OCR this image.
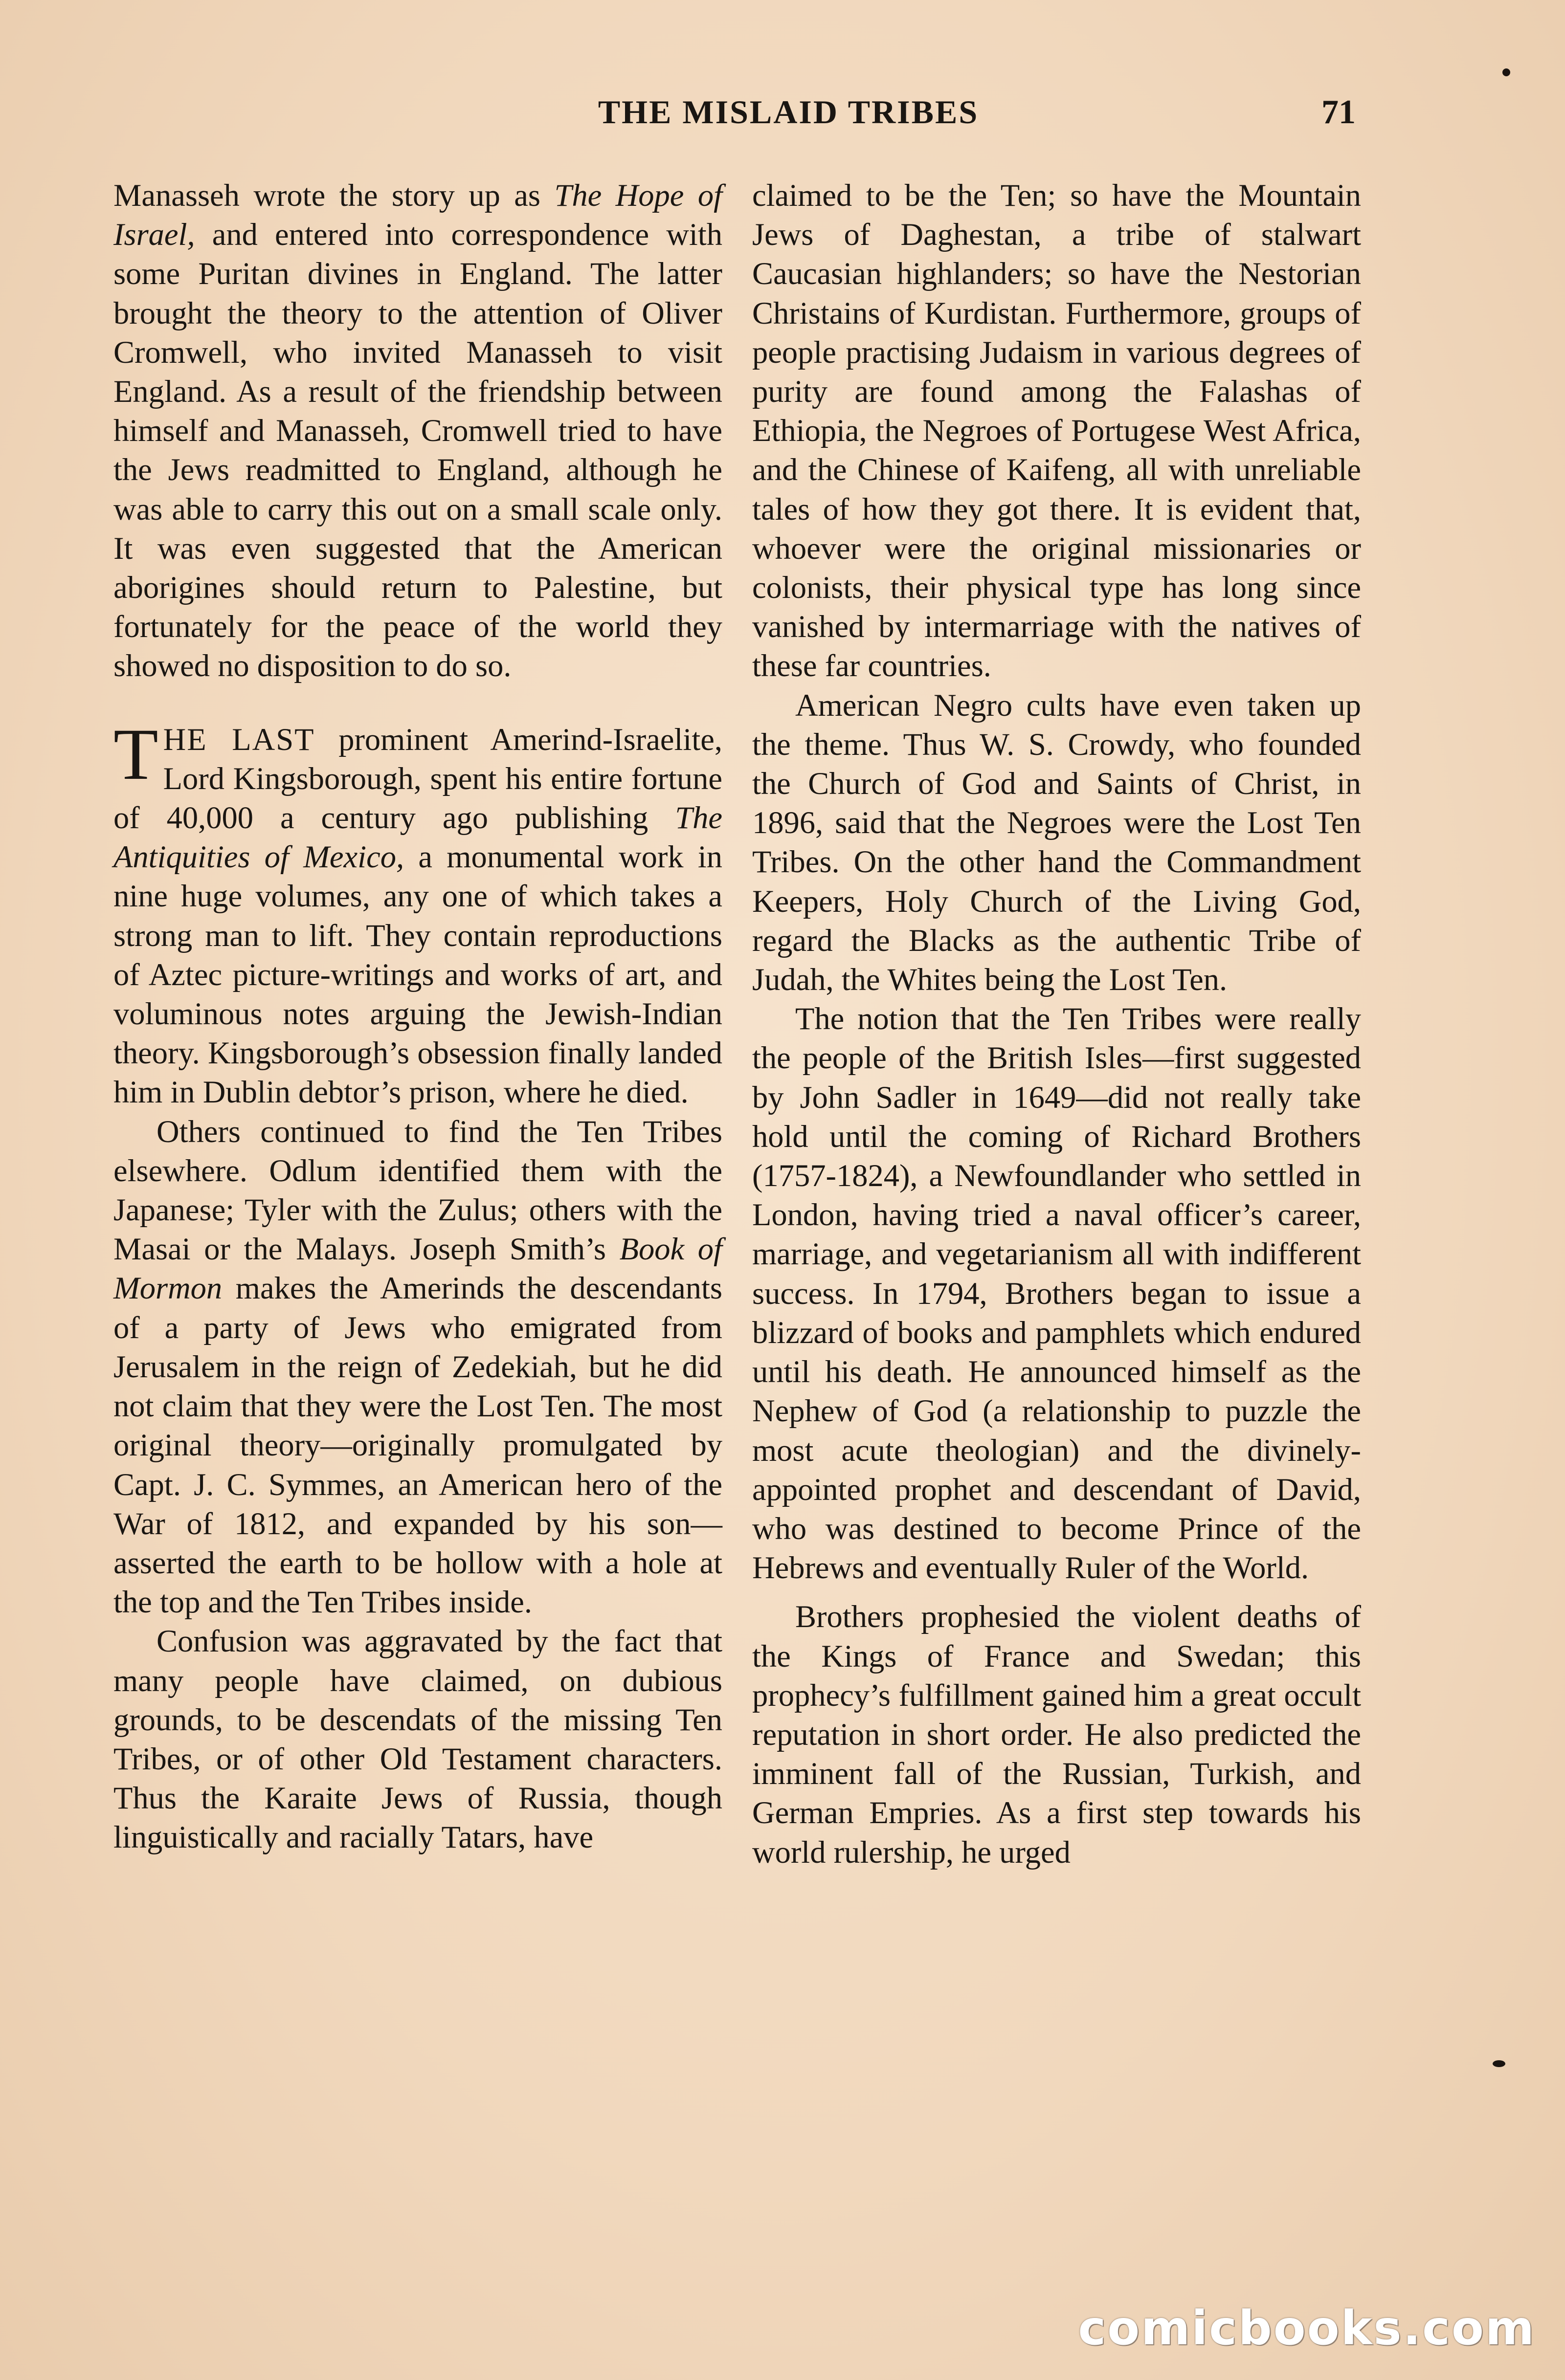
THE MISLAID TRIBES	71

Manasseh wrote the story up as The Hope of Israel, and entered into correspondence with some Puritan divines in England. The latter brought the theory to the attention of Oliver Cromwell, who invited Manasseh to visit England. As a result of the friendship between himself and Manasseh, Cromwell tried to have the Jews readmitted to England, although he was able to carry this out on a small scale only. It was even suggested that the American aborigines should return to Palestine, but fortunately for the peace of the world they showed no disposition to do so.

THE LAST prominent Amerind-Israelite, Lord Kingsborough, spent his entire fortune of 40,000 a century ago publishing The Antiquities of Mexico, a monumental work in nine huge volumes, any one of which takes a strong man to lift. They contain reproductions of Aztec picture-writings and works of art, and voluminous notes arguing the Jewish-Indian theory. Kingsborough’s obsession finally landed him in Dublin debtor’s prison, where he died.

Others continued to find the Ten Tribes elsewhere. Odlum identified them with the Japanese; Tyler with the Zulus; others with the Masai or the Malays. Joseph Smith’s Book of Mormon makes the Amerinds the descendants of a party of Jews who emigrated from Jerusalem in the reign of Zedekiah, but he did not claim that they were the Lost Ten. The most original theory—originally promulgated by Capt. J. C. Symmes, an American hero of the War of 1812, and expanded by his son—asserted the earth to be hollow with a hole at the top and the Ten Tribes inside.

Confusion was aggravated by the fact that many people have claimed, on dubious grounds, to be descendats of the missing Ten Tribes, or of other Old Testament characters. Thus the Karaite Jews of Russia, though linguistically and racially Tatars, have

claimed to be the Ten; so have the Mountain Jews of Daghestan, a tribe of stalwart Caucasian highlanders; so have the Nestorian Christains of Kurdistan. Furthermore, groups of people practising Judaism in various degrees of purity are found among the Falashas of Ethiopia, the Negroes of Portugese West Africa, and the Chinese of Kaifeng, all with unreliable tales of how they got there. It is evident that, whoever were the original missionaries or colonists, their physical type has long since vanished by intermarriage with the natives of these far countries.

American Negro cults have even taken up the theme. Thus W. S. Crowdy, who founded the Church of God and Saints of Christ, in 1896, said that the Negroes were the Lost Ten Tribes. On the other hand the Commandment Keepers, Holy Church of the Living God, regard the Blacks as the authentic Tribe of Judah, the Whites being the Lost Ten.

The notion that the Ten Tribes were really the people of the British Isles—first suggested by John Sadler in 1649—did not really take hold until the coming of Richard Brothers (1757-1824), a Newfoundlander who settled in London, having tried a naval officer’s career, marriage, and vegetarianism all with indifferent success. In 1794, Brothers began to issue a blizzard of books and pamphlets which endured until his death. He announced himself as the Nephew of God (a relationship to puzzle the most acute theologian) and the divinely-appointed prophet and descendant of David, who was destined to become Prince of the Hebrews and eventually Ruler of the World.

Brothers prophesied the violent deaths of the Kings of France and Swedan; this prophecy’s fulfillment gained him a great occult reputation in short order. He also predicted the imminent fall of the Russian, Turkish, and German Empries. As a first step towards his world rulership, he urged

comicbooks.com
